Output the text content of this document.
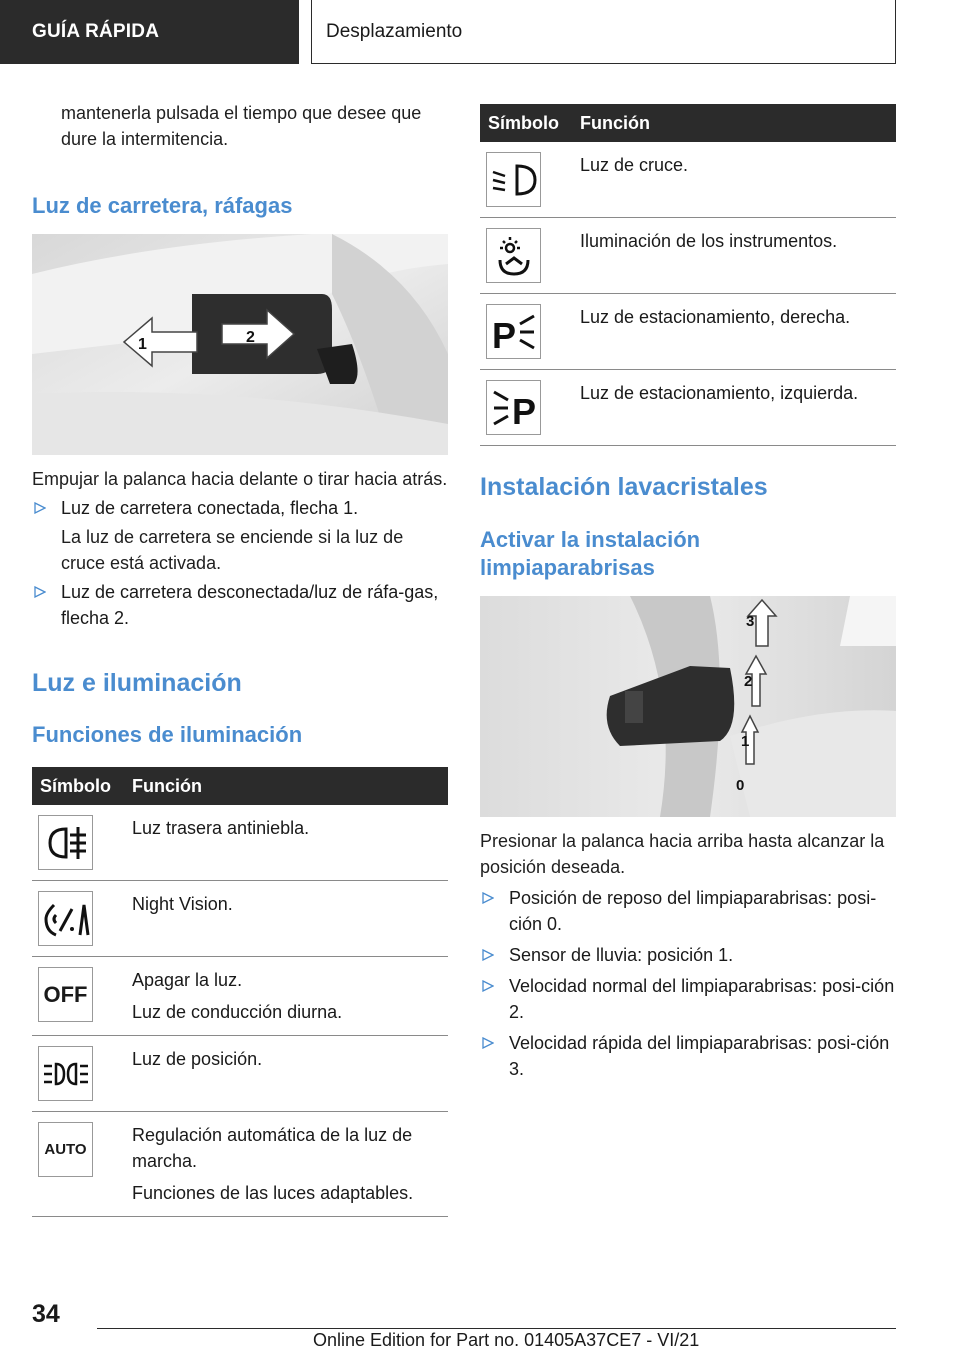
GUÍA RÁPIDA	Desplazamiento

mantenerla pulsada el tiempo que desee que dure la intermitencia.

Luz de carretera, ráfagas
1	2

Empujar la palanca hacia delante o tirar hacia atrás.

Luz de carretera conectada, flecha 1.

La luz de carretera se enciende si la luz de cruce está activada.

Luz de carretera desconectada/luz de ráfa-gas, flecha 2.
Luz e iluminación
Funciones de iluminación
Símbolo	Función

Luz trasera antiniebla.

Night Vision.

OFF	Apagar la luz.
Luz de conducción diurna.

Luz de posición.

AUTO	Regulación automática de la luz de marcha.
Funciones de las luces adaptables.
Símbolo	Función

Luz de cruce.

Iluminación de los instrumentos.

P	Luz de estacionamiento, derecha.

P	Luz de estacionamiento, izquierda.
Instalación lavacristales
Activar la instalación limpiaparabrisas
3
2
1
0

Presionar la palanca hacia arriba hasta alcanzar la posición deseada.

Posición de reposo del limpiaparabrisas: posi-ción 0.
Sensor de lluvia: posición 1.
Velocidad normal del limpiaparabrisas: posi-ción 2.
Velocidad rápida del limpiaparabrisas: posi-ción 3.
34
Online Edition for Part no. 01405A37CE7 - VI/21
